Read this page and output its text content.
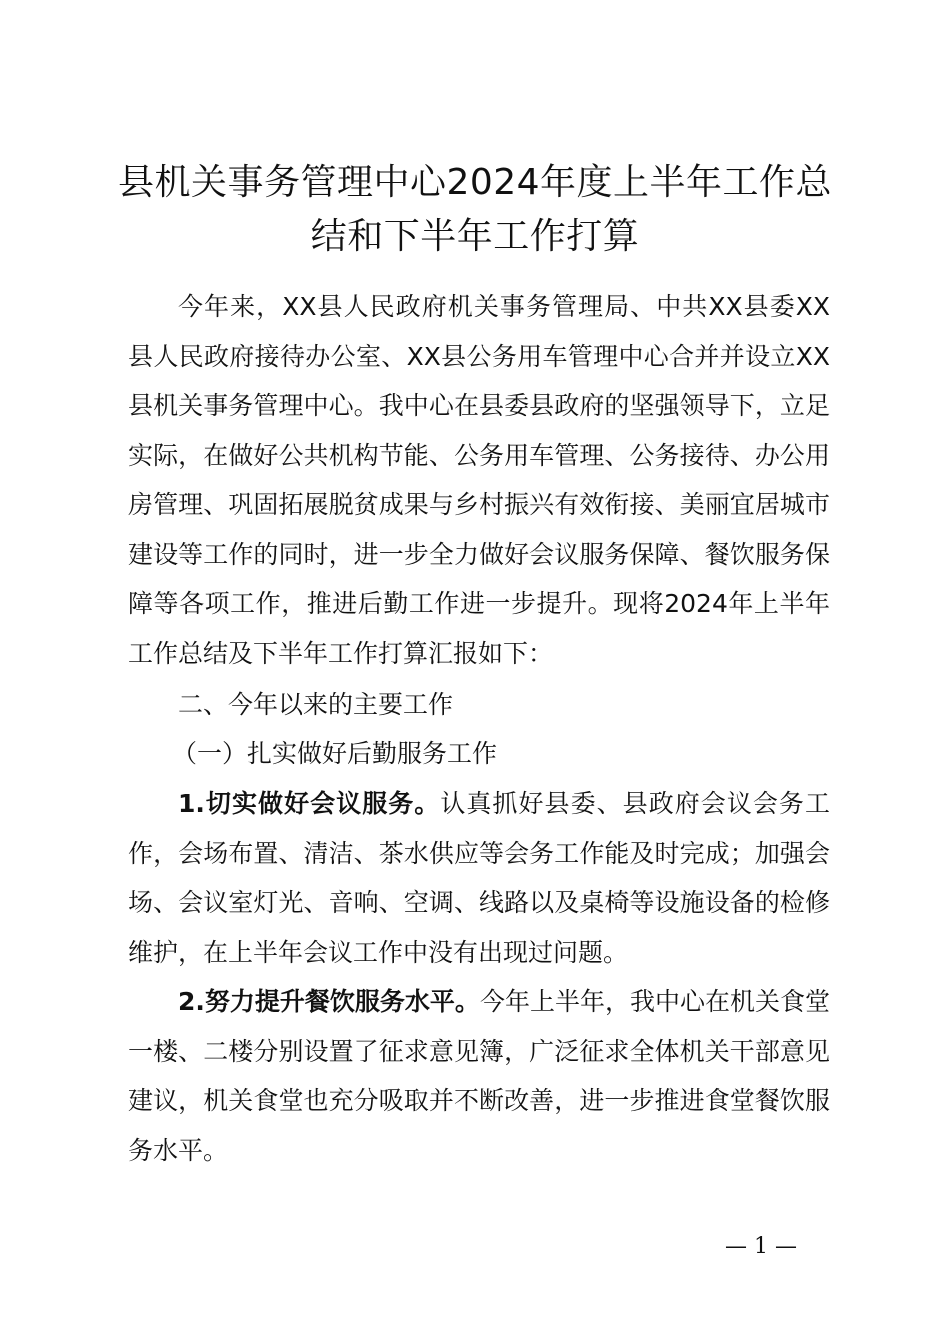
县机关事务管理中心2024年度上半年工作总结和下半年工作打算

今年来，XX县人民政府机关事务管理局、中共XX县委XX县人民政府接待办公室、XX县公务用车管理中心合并并设立XX县机关事务管理中心。我中心在县委县政府的坚强领导下，立足实际，在做好公共机构节能、公务用车管理、公务接待、办公用房管理、巩固拓展脱贫成果与乡村振兴有效衔接、美丽宜居城市建设等工作的同时，进一步全力做好会议服务保障、餐饮服务保障等各项工作，推进后勤工作进一步提升。现将2024年上半年工作总结及下半年工作打算汇报如下：

二、今年以来的主要工作

（一）扎实做好后勤服务工作

1.切实做好会议服务。认真抓好县委、县政府会议会务工作，会场布置、清洁、茶水供应等会务工作能及时完成；加强会场、会议室灯光、音响、空调、线路以及桌椅等设施设备的检修维护，在上半年会议工作中没有出现过问题。

2.努力提升餐饮服务水平。今年上半年，我中心在机关食堂一楼、二楼分别设置了征求意见簿，广泛征求全体机关干部意见建议，机关食堂也充分吸取并不断改善，进一步推进食堂餐饮服务水平。

— 1 —
